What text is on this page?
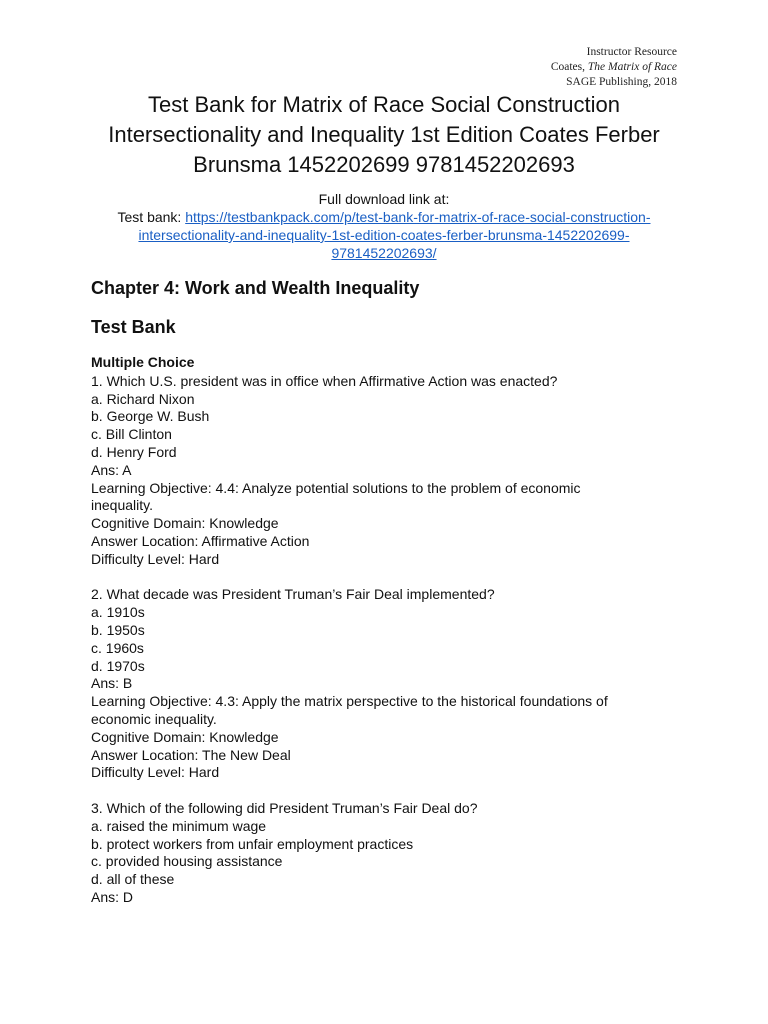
Instructor Resource
Coates, The Matrix of Race
SAGE Publishing, 2018
Test Bank for Matrix of Race Social Construction
Intersectionality and Inequality 1st Edition Coates Ferber
Brunsma 1452202699 9781452202693
Full download link at:
Test bank: https://testbankpack.com/p/test-bank-for-matrix-of-race-social-construction-
intersectionality-and-inequality-1st-edition-coates-ferber-brunsma-1452202699-
9781452202693/
Chapter 4: Work and Wealth Inequality
Test Bank
Multiple Choice
1. Which U.S. president was in office when Affirmative Action was enacted?
a. Richard Nixon
b. George W. Bush
c. Bill Clinton
d. Henry Ford
Ans: A
Learning Objective: 4.4: Analyze potential solutions to the problem of economic
inequality.
Cognitive Domain: Knowledge
Answer Location: Affirmative Action
Difficulty Level: Hard
2. What decade was President Truman’s Fair Deal implemented?
a. 1910s
b. 1950s
c. 1960s
d. 1970s
Ans: B
Learning Objective: 4.3: Apply the matrix perspective to the historical foundations of
economic inequality.
Cognitive Domain: Knowledge
Answer Location: The New Deal
Difficulty Level: Hard
3. Which of the following did President Truman’s Fair Deal do?
a. raised the minimum wage
b. protect workers from unfair employment practices
c. provided housing assistance
d. all of these
Ans: D
